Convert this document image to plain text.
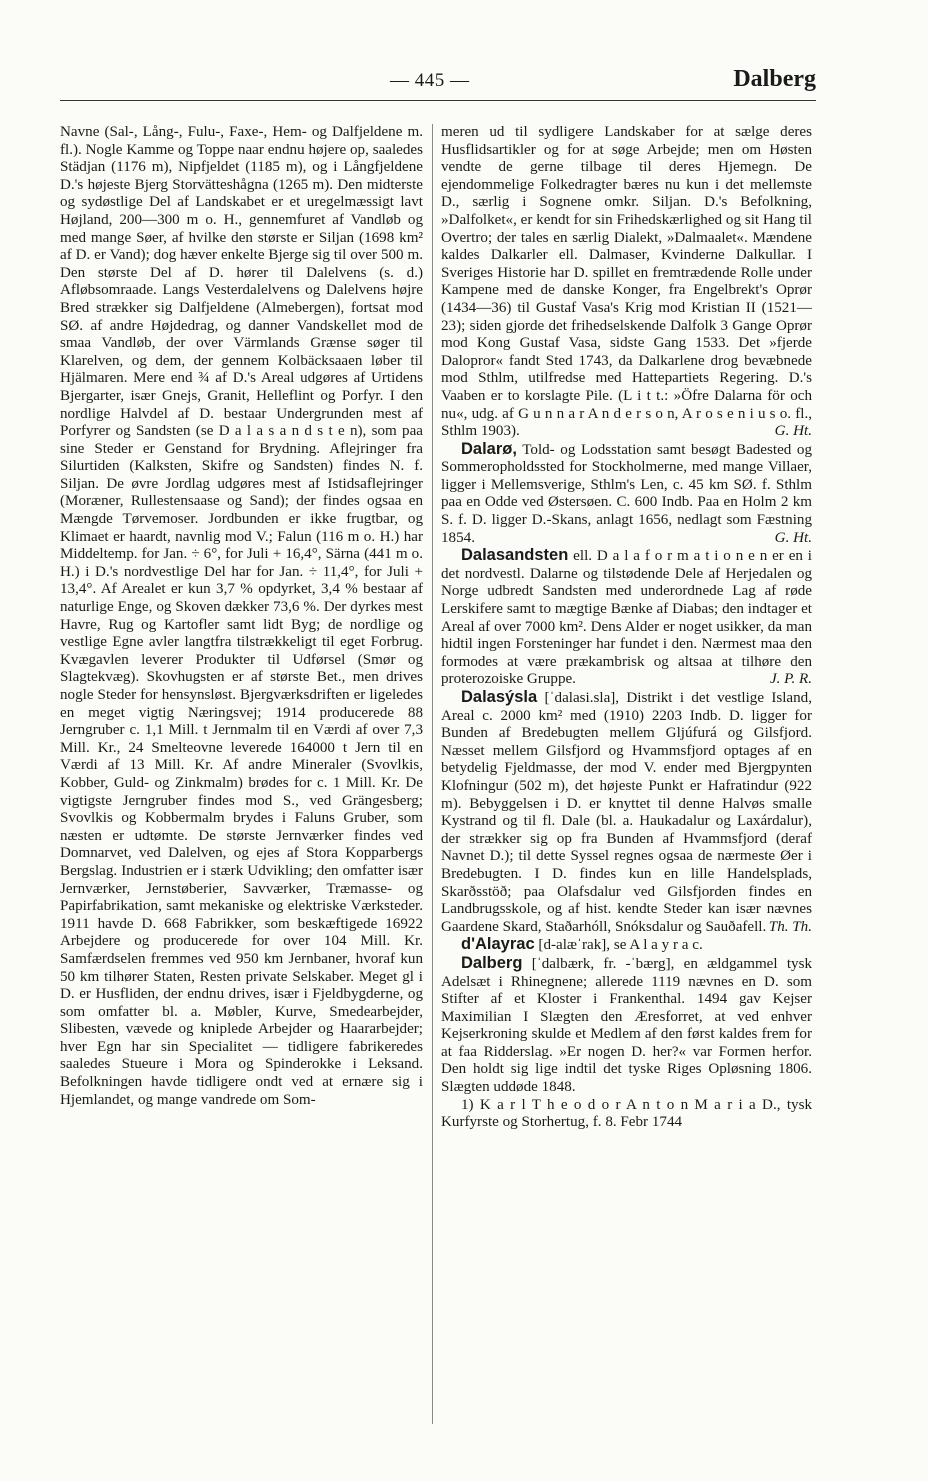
— 445 —	Dalberg

Navne (Sal-, Lång-, Fulu-, Faxe-, Hem- og Dalfjeldene m. fl.). Nogle Kamme og Toppe naar endnu højere op, saaledes Städjan (1176 m), Nipfjeldet (1185 m), og i Långfjeldene D.'s højeste Bjerg Storvätteshågna (1265 m). Den midterste og sydøstlige Del af Landskabet er et uregelmæssigt lavt Højland, 200—300 m o. H., gennemfuret af Vandløb og med mange Søer, af hvilke den største er Siljan (1698 km² af D. er Vand); dog hæver enkelte Bjerge sig til over 500 m. Den største Del af D. hører til Dalelvens (s. d.) Afløbsomraade. Langs Vesterdalelvens og Dalelvens højre Bred strækker sig Dalfjeldene (Almebergen), fortsat mod SØ. af andre Højdedrag, og danner Vandskellet mod de smaa Vandløb, der over Värmlands Grænse søger til Klarelven, og dem, der gennem Kolbäcksaaen løber til Hjälmaren. Mere end ¾ af D.'s Areal udgøres af Urtidens Bjergarter, især Gnejs, Granit, Helleflint og Porfyr. I den nordlige Halvdel af D. bestaar Undergrunden mest af Porfyrer og Sandsten (se D a l a s a n d s t e n), som paa sine Steder er Genstand for Brydning. Aflejringer fra Silurtiden (Kalksten, Skifre og Sandsten) findes N. f. Siljan. De øvre Jordlag udgøres mest af Istidsaflejringer (Moræner, Rullestensaase og Sand); der findes ogsaa en Mængde Tørvemoser. Jordbunden er ikke frugtbar, og Klimaet er haardt, navnlig mod V.; Falun (116 m o. H.) har Middeltemp. for Jan. ÷ 6°, for Juli + 16,4°, Särna (441 m o. H.) i D.'s nordvestlige Del har for Jan. ÷ 11,4°, for Juli + 13,4°. Af Arealet er kun 3,7 % opdyrket, 3,4 % bestaar af naturlige Enge, og Skoven dækker 73,6 %. Der dyrkes mest Havre, Rug og Kartofler samt lidt Byg; de nordlige og vestlige Egne avler langtfra tilstrækkeligt til eget Forbrug. Kvægavlen leverer Produkter til Udførsel (Smør og Slagtekvæg). Skovhugsten er af største Bet., men drives nogle Steder for hensynsløst. Bjergværksdriften er ligeledes en meget vigtig Næringsvej; 1914 producerede 88 Jerngruber c. 1,1 Mill. t Jernmalm til en Værdi af over 7,3 Mill. Kr., 24 Smelteovne leverede 164000 t Jern til en Værdi af 13 Mill. Kr. Af andre Mineraler (Svovlkis, Kobber, Guld- og Zinkmalm) brødes for c. 1 Mill. Kr. De vigtigste Jerngruber findes mod S., ved Grängesberg; Svovlkis og Kobbermalm brydes i Faluns Gruber, som næsten er udtømte. De største Jernværker findes ved Domnarvet, ved Dalelven, og ejes af Stora Kopparbergs Bergslag. Industrien er i stærk Udvikling; den omfatter især Jernværker, Jernstøberier, Savværker, Træmasse- og Papirfabrikation, samt mekaniske og elektriske Værksteder. 1911 havde D. 668 Fabrikker, som beskæftigede 16922 Arbejdere og producerede for over 104 Mill. Kr. Samfærdselen fremmes ved 950 km Jernbaner, hvoraf kun 50 km tilhører Staten, Resten private Selskaber. Meget gl i D. er Husfliden, der endnu drives, især i Fjeldbygderne, og som omfatter bl. a. Møbler, Kurve, Smedearbejder, Slibesten, vævede og kniplede Arbejder og Haararbejder; hver Egn har sin Specialitet — tidligere fabrikeredes saaledes Stueure i Mora og Spinderokke i Leksand. Befolkningen havde tidligere ondt ved at ernære sig i Hjemlandet, og mange vandrede om Som-

meren ud til sydligere Landskaber for at sælge deres Husflidsartikler og for at søge Arbejde; men om Høsten vendte de gerne tilbage til deres Hjemegn. De ejendommelige Folkedragter bæres nu kun i det mellemste D., særlig i Sognene omkr. Siljan. D.'s Befolkning, »Dalfolket«, er kendt for sin Frihedskærlighed og sit Hang til Overtro; der tales en særlig Dialekt, »Dalmaalet«. Mændene kaldes Dalkarler ell. Dalmaser, Kvinderne Dalkullar. I Sveriges Historie har D. spillet en fremtrædende Rolle under Kampene med de danske Konger, fra Engelbrekt's Oprør (1434—36) til Gustaf Vasa's Krig mod Kristian II (1521—23); siden gjorde det frihedselskende Dalfolk 3 Gange Oprør mod Kong Gustaf Vasa, sidste Gang 1533. Det »fjerde Dalopror« fandt Sted 1743, da Dalkarlene drog bevæbnede mod Sthlm, utilfredse med Hattepartiets Regering. D.'s Vaaben er to korslagte Pile. (L i t t.: »Öfre Dalarna för och nu«, udg. af G u n n a r A n d e r s o n, A r o s e n i u s o. fl., Sthlm 1903).	G. Ht.

Dalarø, Told- og Lodsstation samt besøgt Badested og Sommeropholdssted for Stockholmerne, med mange Villaer, ligger i Mellemsverige, Sthlm's Len, c. 45 km SØ. f. Sthlm paa en Odde ved Østersøen. C. 600 Indb. Paa en Holm 2 km S. f. D. ligger D.-Skans, anlagt 1656, nedlagt som Fæstning 1854.	G. Ht.

Dalasandsten ell. D a l a f o r m a t i o n e n er en i det nordvestl. Dalarne og tilstødende Dele af Herjedalen og Norge udbredt Sandsten med underordnede Lag af røde Lerskifere samt to mægtige Bænke af Diabas; den indtager et Areal af over 7000 km². Dens Alder er noget usikker, da man hidtil ingen Forsteninger har fundet i den. Nærmest maa den formodes at være prækambrisk og altsaa at tilhøre den proterozoiske Gruppe.	J. P. R.

Dalasýsla [ˈdalasi.sla], Distrikt i det vestlige Island, Areal c. 2000 km² med (1910) 2203 Indb. D. ligger for Bunden af Bredebugten mellem Gljúfurá og Gilsfjord. Næsset mellem Gilsfjord og Hvammsfjord optages af en betydelig Fjeldmasse, der mod V. ender med Bjergpynten Klofningur (502 m), det højeste Punkt er Hafratindur (922 m). Bebyggelsen i D. er knyttet til denne Halvøs smalle Kystrand og til fl. Dale (bl. a. Haukadalur og Laxárdalur), der strækker sig op fra Bunden af Hvammsfjord (deraf Navnet D.); til dette Syssel regnes ogsaa de nærmeste Øer i Bredebugten. I D. findes kun en lille Handelsplads, Skarðsstöð; paa Olafsdalur ved Gilsfjorden findes en Landbrugsskole, og af hist. kendte Steder kan især nævnes Gaardene Skard, Staðarhóll, Snóksdalur og Sauðafell. Th. Th.

d'Alayrac [d-alæˈrak], se A l a y r a c.

Dalberg [ˈdalbærk, fr. -ˈbærg], en ældgammel tysk Adelsæt i Rhinegnene; allerede 1119 nævnes en D. som Stifter af et Kloster i Frankenthal. 1494 gav Kejser Maximilian I Slægten den Æresforret, at ved enhver Kejserkroning skulde et Medlem af den først kaldes frem for at faa Ridderslag. »Er nogen D. her?« var Formen herfor. Den holdt sig lige indtil det tyske Riges Opløsning 1806. Slægten uddøde 1848.

1) K a r l T h e o d o r A n t o n M a r i a D., tysk Kurfyrste og Storhertug, f. 8. Febr 1744
